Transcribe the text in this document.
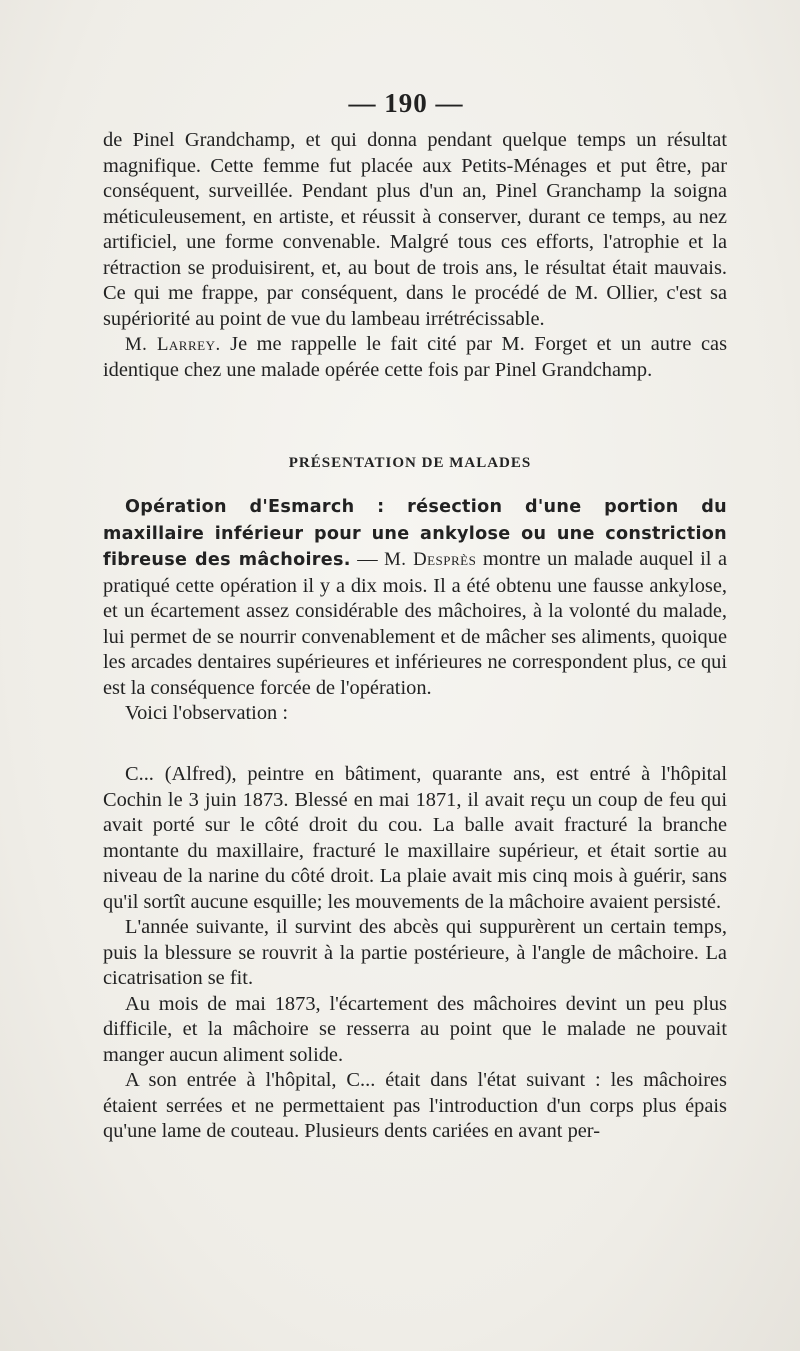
— 190 —

de Pinel Grandchamp, et qui donna pendant quelque temps un résultat magnifique. Cette femme fut placée aux Petits-Ménages et put être, par conséquent, surveillée. Pendant plus d'un an, Pinel Granchamp la soigna méticuleusement, en artiste, et réussit à conserver, durant ce temps, au nez artificiel, une forme convenable. Malgré tous ces efforts, l'atrophie et la rétraction se produisirent, et, au bout de trois ans, le résultat était mauvais. Ce qui me frappe, par conséquent, dans le procédé de M. Ollier, c'est sa supériorité au point de vue du lambeau irrétrécissable.

M. Larrey. Je me rappelle le fait cité par M. Forget et un autre cas identique chez une malade opérée cette fois par Pinel Grandchamp.

PRÉSENTATION DE MALADES

Opération d'Esmarch : résection d'une portion du maxillaire inférieur pour une ankylose ou une constriction fibreuse des mâchoires. — M. Desprès montre un malade auquel il a pratiqué cette opération il y a dix mois. Il a été obtenu une fausse ankylose, et un écartement assez considérable des mâchoires, à la volonté du malade, lui permet de se nourrir convenablement et de mâcher ses aliments, quoique les arcades dentaires supérieures et inférieures ne correspondent plus, ce qui est la conséquence forcée de l'opération.

Voici l'observation :

C... (Alfred), peintre en bâtiment, quarante ans, est entré à l'hôpital Cochin le 3 juin 1873. Blessé en mai 1871, il avait reçu un coup de feu qui avait porté sur le côté droit du cou. La balle avait fracturé la branche montante du maxillaire, fracturé le maxillaire supérieur, et était sortie au niveau de la narine du côté droit. La plaie avait mis cinq mois à guérir, sans qu'il sortît aucune esquille; les mouvements de la mâchoire avaient persisté.

L'année suivante, il survint des abcès qui suppurèrent un certain temps, puis la blessure se rouvrit à la partie postérieure, à l'angle de mâchoire. La cicatrisation se fit.

Au mois de mai 1873, l'écartement des mâchoires devint un peu plus difficile, et la mâchoire se resserra au point que le malade ne pouvait manger aucun aliment solide.

A son entrée à l'hôpital, C... était dans l'état suivant : les mâchoires étaient serrées et ne permettaient pas l'introduction d'un corps plus épais qu'une lame de couteau. Plusieurs dents cariées en avant per-
